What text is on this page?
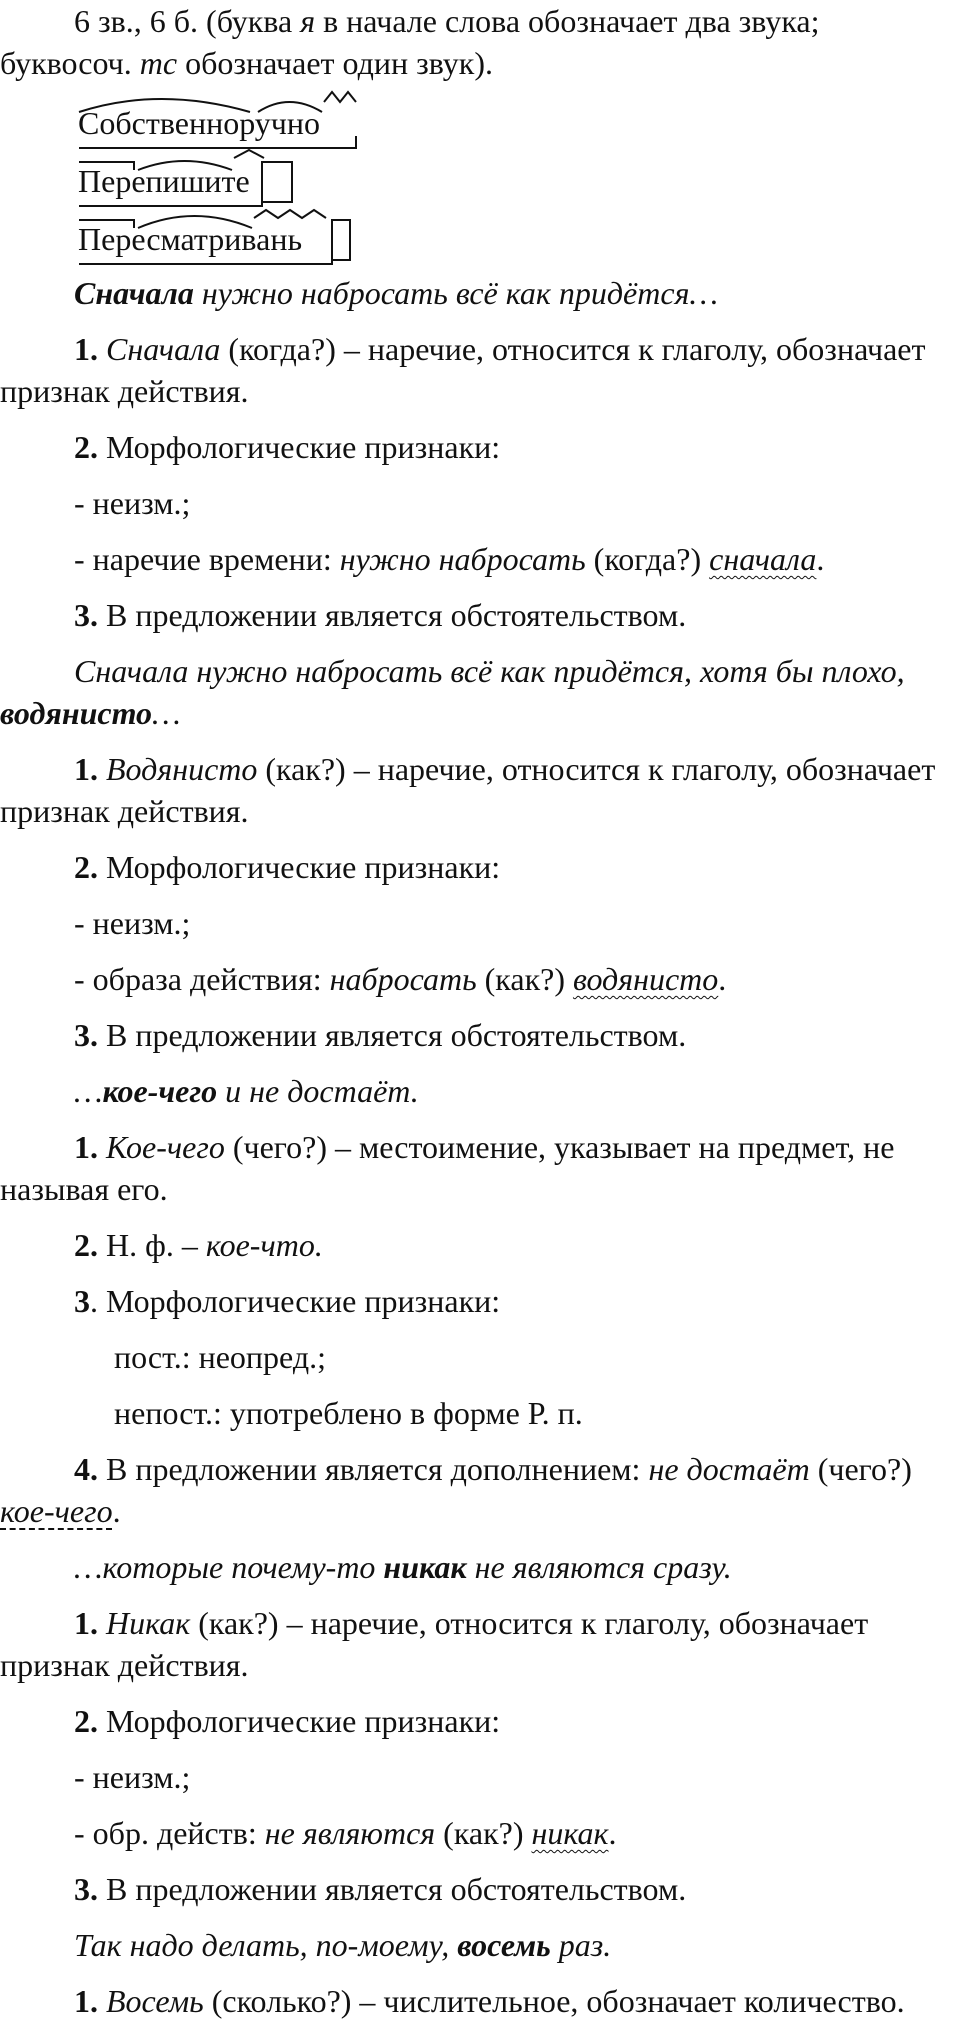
6 зв., 6 б. (буква я в начале слова обозначает два звука; буквосоч. тс обозначает один звук).

Собственноручно
Перепишите
Пересматривань

Сначала нужно набросать всё как придётся…

1. Сначала (когда?) – наречие, относится к глаголу, обозначает признак действия.

2. Морфологические признаки:

- неизм.;

- наречие времени: нужно набросать (когда?) сначала.

3. В предложении является обстоятельством.

Сначала нужно набросать всё как придётся, хотя бы плохо, водянисто…

1. Водянисто (как?) – наречие, относится к глаголу, обозначает признак действия.

2. Морфологические признаки:

- неизм.;

- образа действия: набросать (как?) водянисто.

3. В предложении является обстоятельством.

…кое-чего и не достаёт.

1. Кое-чего (чего?) – местоимение, указывает на предмет, не называя его.

2. Н. ф. – кое-что.

3. Морфологические признаки:

пост.: неопред.;

непост.: употреблено в форме Р. п.

4. В предложении является дополнением: не достаёт (чего?) кое-чего.

…которые почему-то никак не являются сразу.

1. Никак (как?) – наречие, относится к глаголу, обозначает признак действия.

2. Морфологические признаки:

- неизм.;

- обр. действ: не являются (как?) никак.

3. В предложении является обстоятельством.

Так надо делать, по-моему, восемь раз.

1. Восемь (сколько?) – числительное, обозначает количество.
